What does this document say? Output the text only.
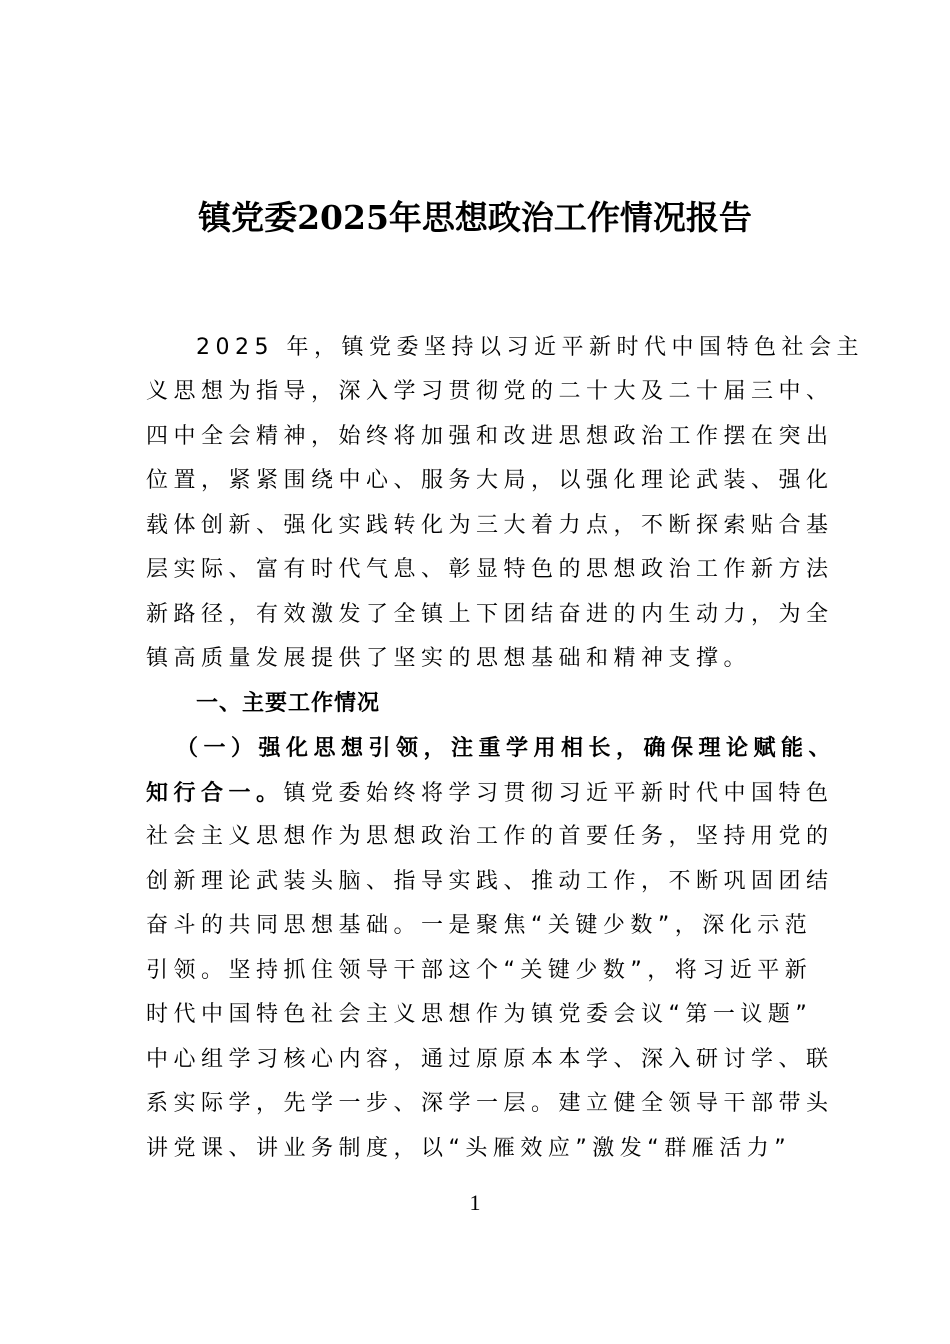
镇党委2025年思想政治工作情况报告
2025 年，镇党委坚持以习近平新时代中国特色社会主
义思想为指导，深入学习贯彻党的二十大及二十届三中、
四中全会精神，始终将加强和改进思想政治工作摆在突出
位置，紧紧围绕中心、服务大局，以强化理论武装、强化
载体创新、强化实践转化为三大着力点，不断探索贴合基
层实际、富有时代气息、彰显特色的思想政治工作新方法
新路径，有效激发了全镇上下团结奋进的内生动力，为全
镇高质量发展提供了坚实的思想基础和精神支撑。
一、主要工作情况
（一）强化思想引领，注重学用相长，确保理论赋能、
知行合一。镇党委始终将学习贯彻习近平新时代中国特色
社会主义思想作为思想政治工作的首要任务，坚持用党的
创新理论武装头脑、指导实践、推动工作，不断巩固团结
奋斗的共同思想基础。一是聚焦“关键少数”，深化示范
引领。坚持抓住领导干部这个“关键少数”，将习近平新
时代中国特色社会主义思想作为镇党委会议“第一议题”
中心组学习核心内容，通过原原本本学、深入研讨学、联
系实际学，先学一步、深学一层。建立健全领导干部带头
讲党课、讲业务制度，以“头雁效应”激发“群雁活力”
1
